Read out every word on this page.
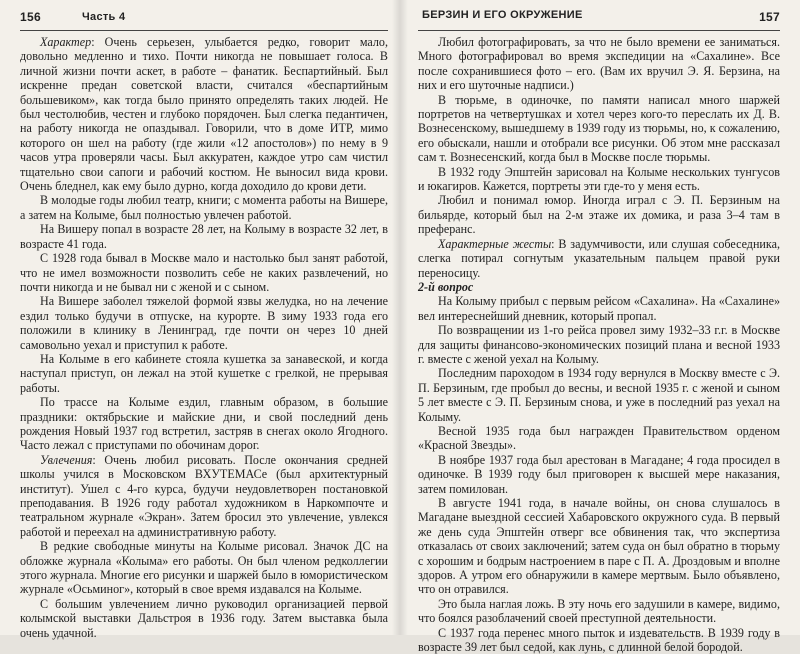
156	Часть 4

Характер: Очень серьезен, улыбается редко, говорит мало, довольно медленно и тихо. Почти никогда не повышает голоса. В личной жизни почти аскет, в работе – фанатик. Беспартийный. Был искренне предан советской власти, считался «беспартийным большевиком», как тогда было принято определять таких людей. Не был честолюбив, честен и глубоко порядочен. Был слегка педантичен, на работу никогда не опаздывал. Говорили, что в доме ИТР, мимо которого он шел на работу (где жили «12 апостолов») по нему в 9 часов утра проверяли часы. Был аккуратен, каждое утро сам чистил тщательно свои сапоги и рабочий костюм. Не выносил вида крови. Очень бледнел, как ему было дурно, когда доходило до крови дети.

В молодые годы любил театр, книги; с момента работы на Вишере, а затем на Колыме, был полностью увлечен работой.

На Вишеру попал в возрасте 28 лет, на Колыму в возрасте 32 лет, в возрасте 41 года.

С 1928 года бывал в Москве мало и настолько был занят работой, что не имел возможности позволить себе не каких развлечений, но почти никогда и не бывал ни с женой и с сыном.

На Вишере заболел тяжелой формой язвы желудка, но на лечение ездил только будучи в отпуске, на курорте. В зиму 1933 года его положили в клинику в Ленинград, где почти он через 10 дней самовольно уехал и приступил к работе.

На Колыме в его кабинете стояла кушетка за занавеской, и когда наступал приступ, он лежал на этой кушетке с грелкой, не прерывая работы.

По трассе на Колыме ездил, главным образом, в большие праздники: октябрьские и майские дни, и свой последний день рождения Новый 1937 год встретил, застряв в снегах около Ягодного. Часто лежал с приступами по обочинам дорог.

Увлечения: Очень любил рисовать. После окончания средней школы учился в Московском ВХУТЕМАСе (был архитектурный институт). Ушел с 4-го курса, будучи неудовлетворен постановкой преподавания. В 1926 году работал художником в Наркомпочте и театральном журнале «Экран». Затем бросил это увлечение, увлекся работой и переехал на административную работу.

В редкие свободные минуты на Колыме рисовал. Значок ДС на обложке журнала «Колыма» его работы. Он был членом редколлегии этого журнала. Многие его рисунки и шаржей было в юмористическом журнале «Осьминог», который в свое время издавался на Колыме.

С большим увлечением лично руководил организацией первой колымской выставки Дальстроя в 1936 году. Затем выставка была очень удачной.

БЕРЗИН И ЕГО ОКРУЖЕНИЕ	157

Любил фотографировать, за что не было времени ее заниматься. Много фотографировал во время экспедиции на «Сахалине». Все после сохранившиеся фото – его. (Вам их вручил Э. Я. Берзина, на них и его шуточные надписи.)

В тюрьме, в одиночке, по памяти написал много шаржей портретов на четвертушках и хотел через кого-то переслать их Д. В. Вознесенскому, вышедшему в 1939 году из тюрьмы, но, к сожалению, его обыскали, нашли и отобрали все рисунки. Об этом мне рассказал сам т. Вознесенский, когда был в Москве после тюрьмы.

В 1932 году Эпштейн зарисовал на Колыме нескольких тунгусов и юкагиров. Кажется, портреты эти где-то у меня есть.

Любил и понимал юмор. Иногда играл с Э. П. Берзиным на бильярде, который был на 2-м этаже их домика, и раза 3–4 там в преферанс.

Характерные жесты: В задумчивости, или слушая собеседника, слегка потирал согнутым указательным пальцем правой руки переносицу.

2-й вопрос

На Колыму прибыл с первым рейсом «Сахалина». На «Сахалине» вел интереснейший дневник, который пропал.

По возвращении из 1-го рейса провел зиму 1932–33 г.г. в Москве для защиты финансово-экономических позиций плана и весной 1933 г. вместе с женой уехал на Колыму.

Последним пароходом в 1934 году вернулся в Москву вместе с Э. П. Берзиным, где пробыл до весны, и весной 1935 г. с женой и сыном 5 лет вместе с Э. П. Берзиным снова, и уже в последний раз уехал на Колыму.

Весной 1935 года был награжден Правительством орденом «Красной Звезды».

В ноябре 1937 года был арестован в Магадане; 4 года просидел в одиночке. В 1939 году был приговорен к высшей мере наказания, затем помилован.

В августе 1941 года, в начале войны, он снова слушалось в Магадане выездной сессией Хабаровского окружного суда. В первый же день суда Эпштейн отверг все обвинения так, что экспертиза отказалась от своих заключений; затем суда он был обратно в тюрьму с хорошим и бодрым настроением в паре с П. А. Дроздовым и вполне здоров. А утром его обнаружили в камере мертвым. Было объявлено, что он отравился.

Это была наглая ложь. В эту ночь его задушили в камере, видимо, что боялся разоблачений своей преступной деятельности.

С 1937 года перенес много пыток и издевательств. В 1939 году в возрасте 39 лет был седой, как лунь, с длинной белой бородой.
